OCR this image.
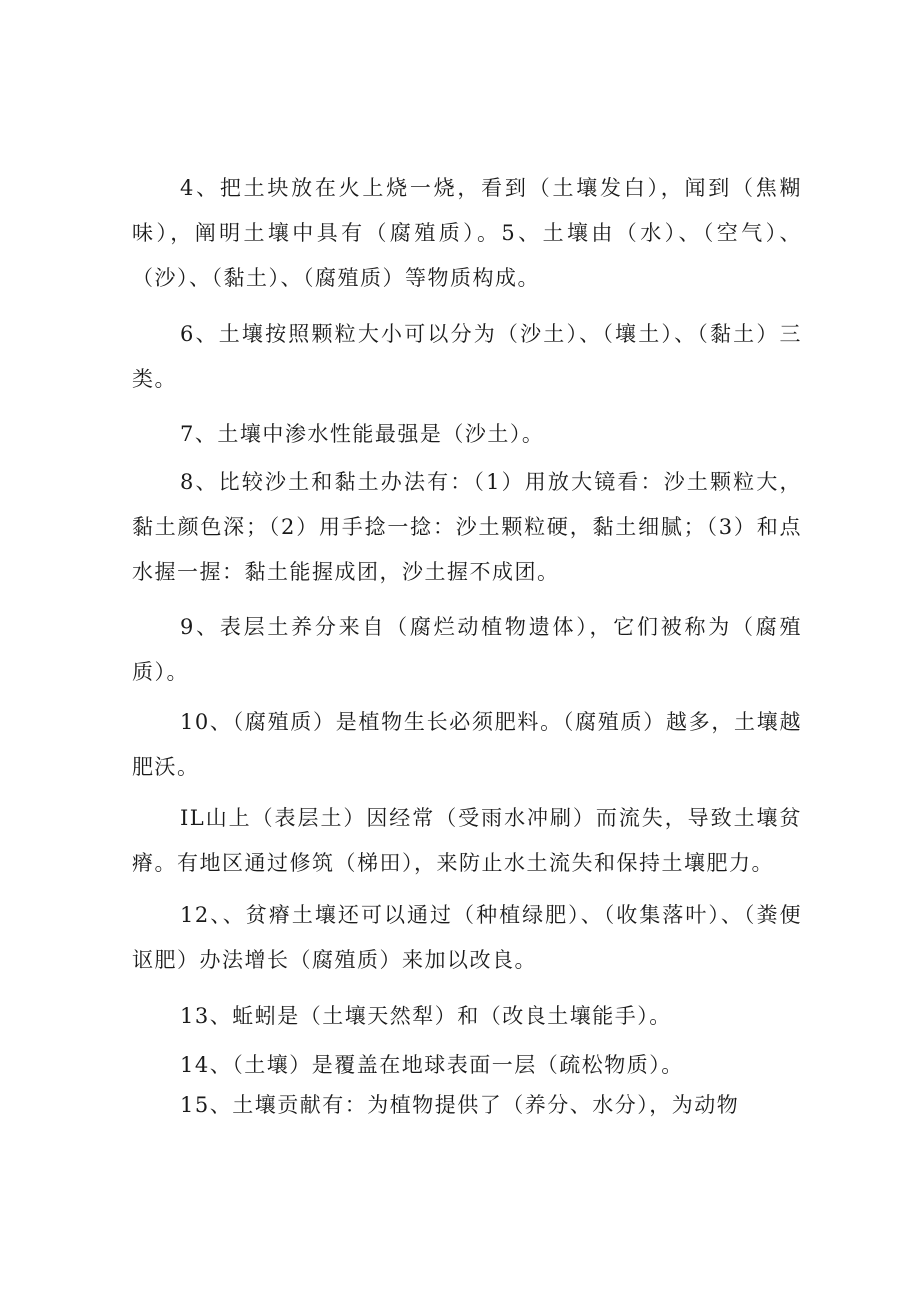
4、把土块放在火上烧一烧，看到（土壤发白），闻到（焦糊味），阐明土壤中具有（腐殖质）。5、土壤由（水）、（空气）、（沙）、（黏土）、（腐殖质）等物质构成。

6、土壤按照颗粒大小可以分为（沙土）、（壤土）、（黏土）三类。

7、土壤中渗水性能最强是（沙土）。

8、比较沙土和黏土办法有：（1）用放大镜看：沙土颗粒大，黏土颜色深；（2）用手捻一捻：沙土颗粒硬，黏土细腻；（3）和点水握一握：黏土能握成团，沙土握不成团。

9、表层土养分来自（腐烂动植物遗体），它们被称为（腐殖质）。

10、（腐殖质）是植物生长必须肥料。（腐殖质）越多，土壤越肥沃。

IL山上（表层土）因经常（受雨水冲刷）而流失，导致土壤贫瘠。有地区通过修筑（梯田），来防止水土流失和保持土壤肥力。

12、、贫瘠土壤还可以通过（种植绿肥）、（收集落叶）、（粪便讴肥）办法增长（腐殖质）来加以改良。

13、蚯蚓是（土壤天然犁）和（改良土壤能手）。

14、（土壤）是覆盖在地球表面一层（疏松物质）。

15、土壤贡献有：为植物提供了（养分、水分），为动物
